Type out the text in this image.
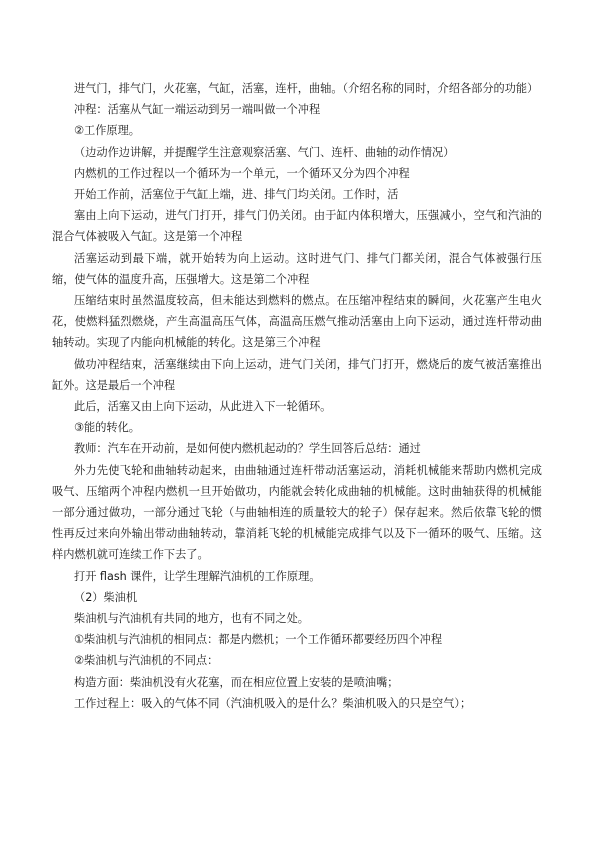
进气门，排气门，火花塞，气缸，活塞，连杆，曲轴。（介绍名称的同时，介绍各部分的功能）

冲程：活塞从气缸一端运动到另一端叫做一个冲程

②工作原理。

（边动作边讲解，并提醒学生注意观察活塞、气门、连杆、曲轴的动作情况）

内燃机的工作过程以一个循环为一个单元，一个循环又分为四个冲程

开始工作前，活塞位于气缸上端，进、排气门均关闭。工作时，活

塞由上向下运动，进气门打开，排气门仍关闭。由于缸内体积增大，压强减小，空气和汽油的混合气体被吸入气缸。这是第一个冲程

活塞运动到最下端，就开始转为向上运动。这时进气门、排气门都关闭，混合气体被强行压缩，使气体的温度升高，压强增大。这是第二个冲程

压缩结束时虽然温度较高，但未能达到燃料的燃点。在压缩冲程结束的瞬间，火花塞产生电火花，使燃料猛烈燃烧，产生高温高压气体，高温高压燃气推动活塞由上向下运动，通过连杆带动曲轴转动。实现了内能向机械能的转化。这是第三个冲程

做功冲程结束，活塞继续由下向上运动，进气门关闭，排气门打开，燃烧后的废气被活塞推出缸外。这是最后一个冲程

此后，活塞又由上向下运动，从此进入下一轮循环。

③能的转化。

教师：汽车在开动前，是如何使内燃机起动的？学生回答后总结：通过

外力先使飞轮和曲轴转动起来，由曲轴通过连杆带动活塞运动，消耗机械能来帮助内燃机完成吸气、压缩两个冲程内燃机一旦开始做功，内能就会转化成曲轴的机械能。这时曲轴获得的机械能一部分通过做功，一部分通过飞轮（与曲轴相连的质量较大的轮子）保存起来。然后依靠飞轮的惯性再反过来向外输出带动曲轴转动，靠消耗飞轮的机械能完成排气以及下一循环的吸气、压缩。这样内燃机就可连续工作下去了。

打开 flash 课件，让学生理解汽油机的工作原理。

（2）柴油机

柴油机与汽油机有共同的地方，也有不同之处。

①柴油机与汽油机的相同点：都是内燃机；一个工作循环都要经历四个冲程

②柴油机与汽油机的不同点：

构造方面：柴油机没有火花塞，而在相应位置上安装的是喷油嘴；

工作过程上：吸入的气体不同（汽油机吸入的是什么？柴油机吸入的只是空气）；
